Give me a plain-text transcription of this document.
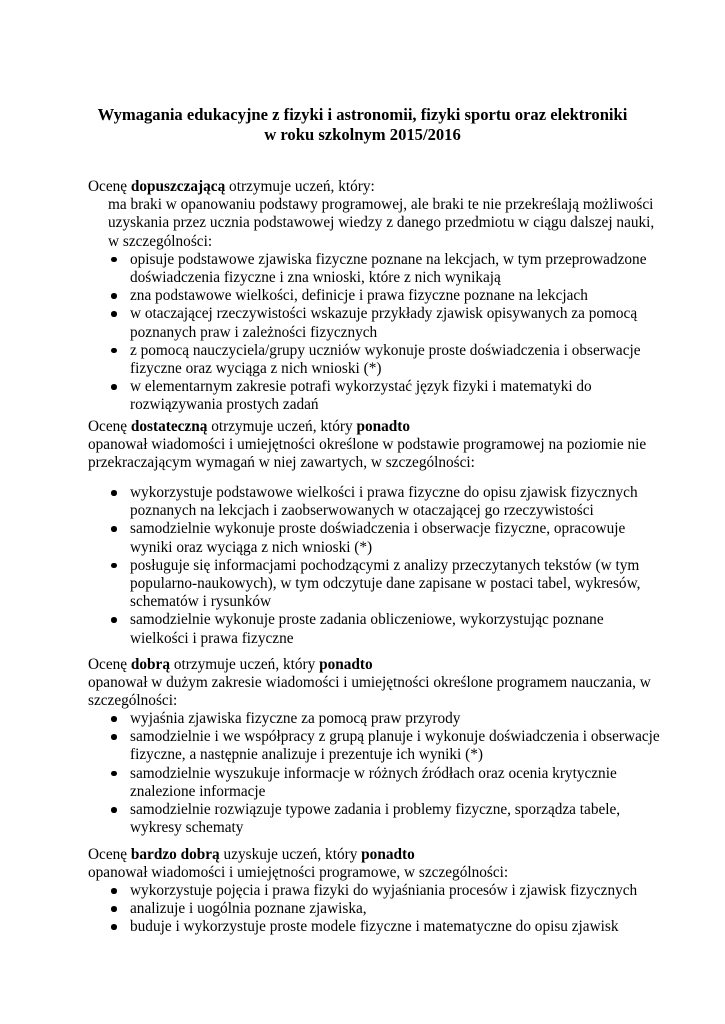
Wymagania edukacyjne z fizyki i astronomii, fizyki sportu oraz elektroniki
w roku szkolnym 2015/2016
Ocenę dopuszczającą otrzymuje uczeń, który:
ma braki w opanowaniu podstawy programowej, ale braki te nie przekreślają możliwości
uzyskania przez ucznia podstawowej wiedzy z danego przedmiotu w ciągu dalszej nauki,
w szczególności:
opisuje podstawowe zjawiska fizyczne poznane na lekcjach, w tym przeprowadzone
doświadczenia fizyczne i zna wnioski, które z nich wynikają
zna podstawowe wielkości, definicje i prawa fizyczne poznane na lekcjach
w otaczającej rzeczywistości wskazuje przykłady zjawisk opisywanych za pomocą
poznanych praw i zależności fizycznych
z pomocą nauczyciela/grupy uczniów wykonuje proste doświadczenia i obserwacje
fizyczne oraz wyciąga z nich wnioski (*)
w elementarnym zakresie potrafi wykorzystać język fizyki i matematyki do
rozwiązywania prostych zadań
Ocenę dostateczną otrzymuje uczeń, który ponadto
opanował wiadomości i umiejętności określone w podstawie programowej na poziomie nie
przekraczającym wymagań w niej zawartych, w szczególności:
wykorzystuje podstawowe wielkości i prawa fizyczne do opisu zjawisk fizycznych
poznanych na lekcjach i zaobserwowanych w otaczającej go rzeczywistości
samodzielnie wykonuje proste doświadczenia i obserwacje fizyczne, opracowuje
wyniki oraz wyciąga z nich wnioski (*)
posługuje się informacjami pochodzącymi z analizy przeczytanych tekstów (w tym
popularno-naukowych), w tym odczytuje dane zapisane w postaci tabel, wykresów,
schematów i rysunków
samodzielnie wykonuje proste zadania obliczeniowe, wykorzystując poznane
wielkości i prawa fizyczne
Ocenę dobrą otrzymuje uczeń, który ponadto
opanował w dużym zakresie wiadomości i umiejętności określone programem nauczania, w
szczególności:
wyjaśnia zjawiska fizyczne za pomocą praw przyrody
samodzielnie i we współpracy z grupą planuje i wykonuje doświadczenia i obserwacje
fizyczne, a następnie analizuje i prezentuje ich wyniki (*)
samodzielnie wyszukuje informacje w różnych źródłach oraz ocenia krytycznie
znalezione informacje
samodzielnie rozwiązuje typowe zadania i problemy fizyczne, sporządza tabele,
wykresy schematy
Ocenę bardzo dobrą uzyskuje uczeń, który ponadto
opanował wiadomości i umiejętności programowe, w szczególności:
wykorzystuje pojęcia i prawa fizyki do wyjaśniania procesów i zjawisk fizycznych
analizuje i uogólnia poznane zjawiska,
buduje i wykorzystuje proste modele fizyczne i matematyczne do opisu zjawisk
